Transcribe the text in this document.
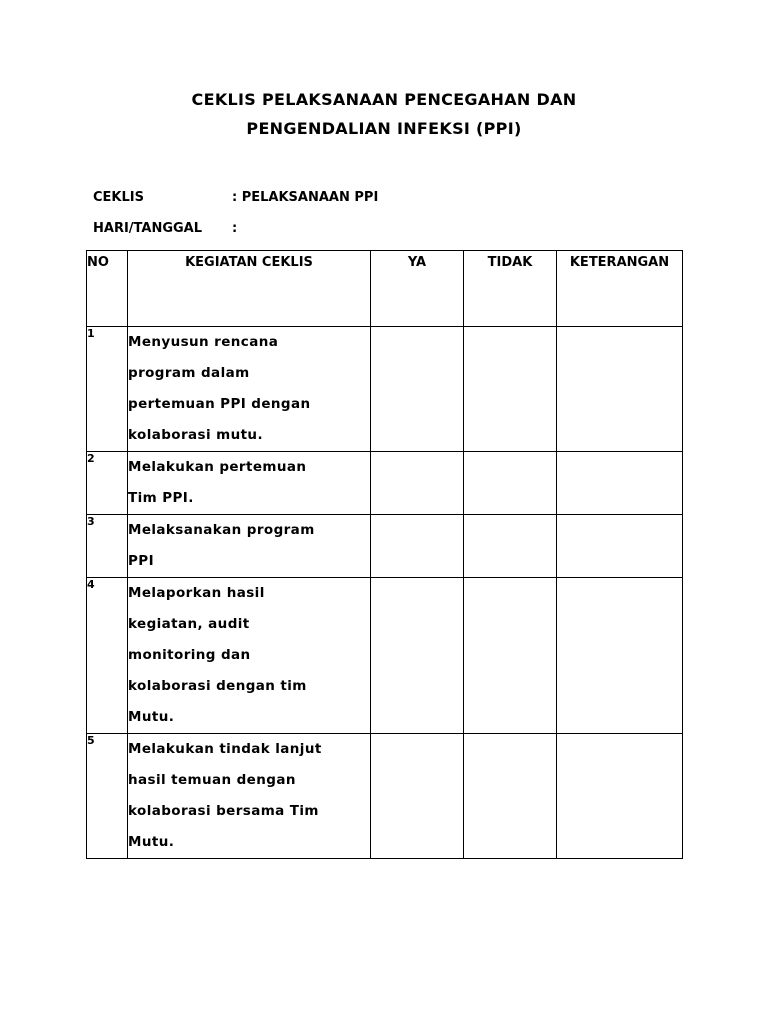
CEKLIS PELAKSANAAN PENCEGAHAN DAN
PENGENDALIAN INFEKSI (PPI)
CEKLIS	: PELAKSANAAN PPI
HARI/TANGGAL :
NO	KEGIATAN CEKLIS	YA	TIDAK	KETERANGAN
1	Menyusun rencana
program dalam
pertemuan PPI dengan
kolaborasi mutu.			

2	Melakukan pertemuan
Tim PPI.			

3	Melaksanakan program
PPI			

4	Melaporkan hasil
kegiatan, audit
monitoring dan
kolaborasi dengan tim
Mutu.			

5	Melakukan tindak lanjut
hasil temuan dengan
kolaborasi bersama Tim
Mutu.			
